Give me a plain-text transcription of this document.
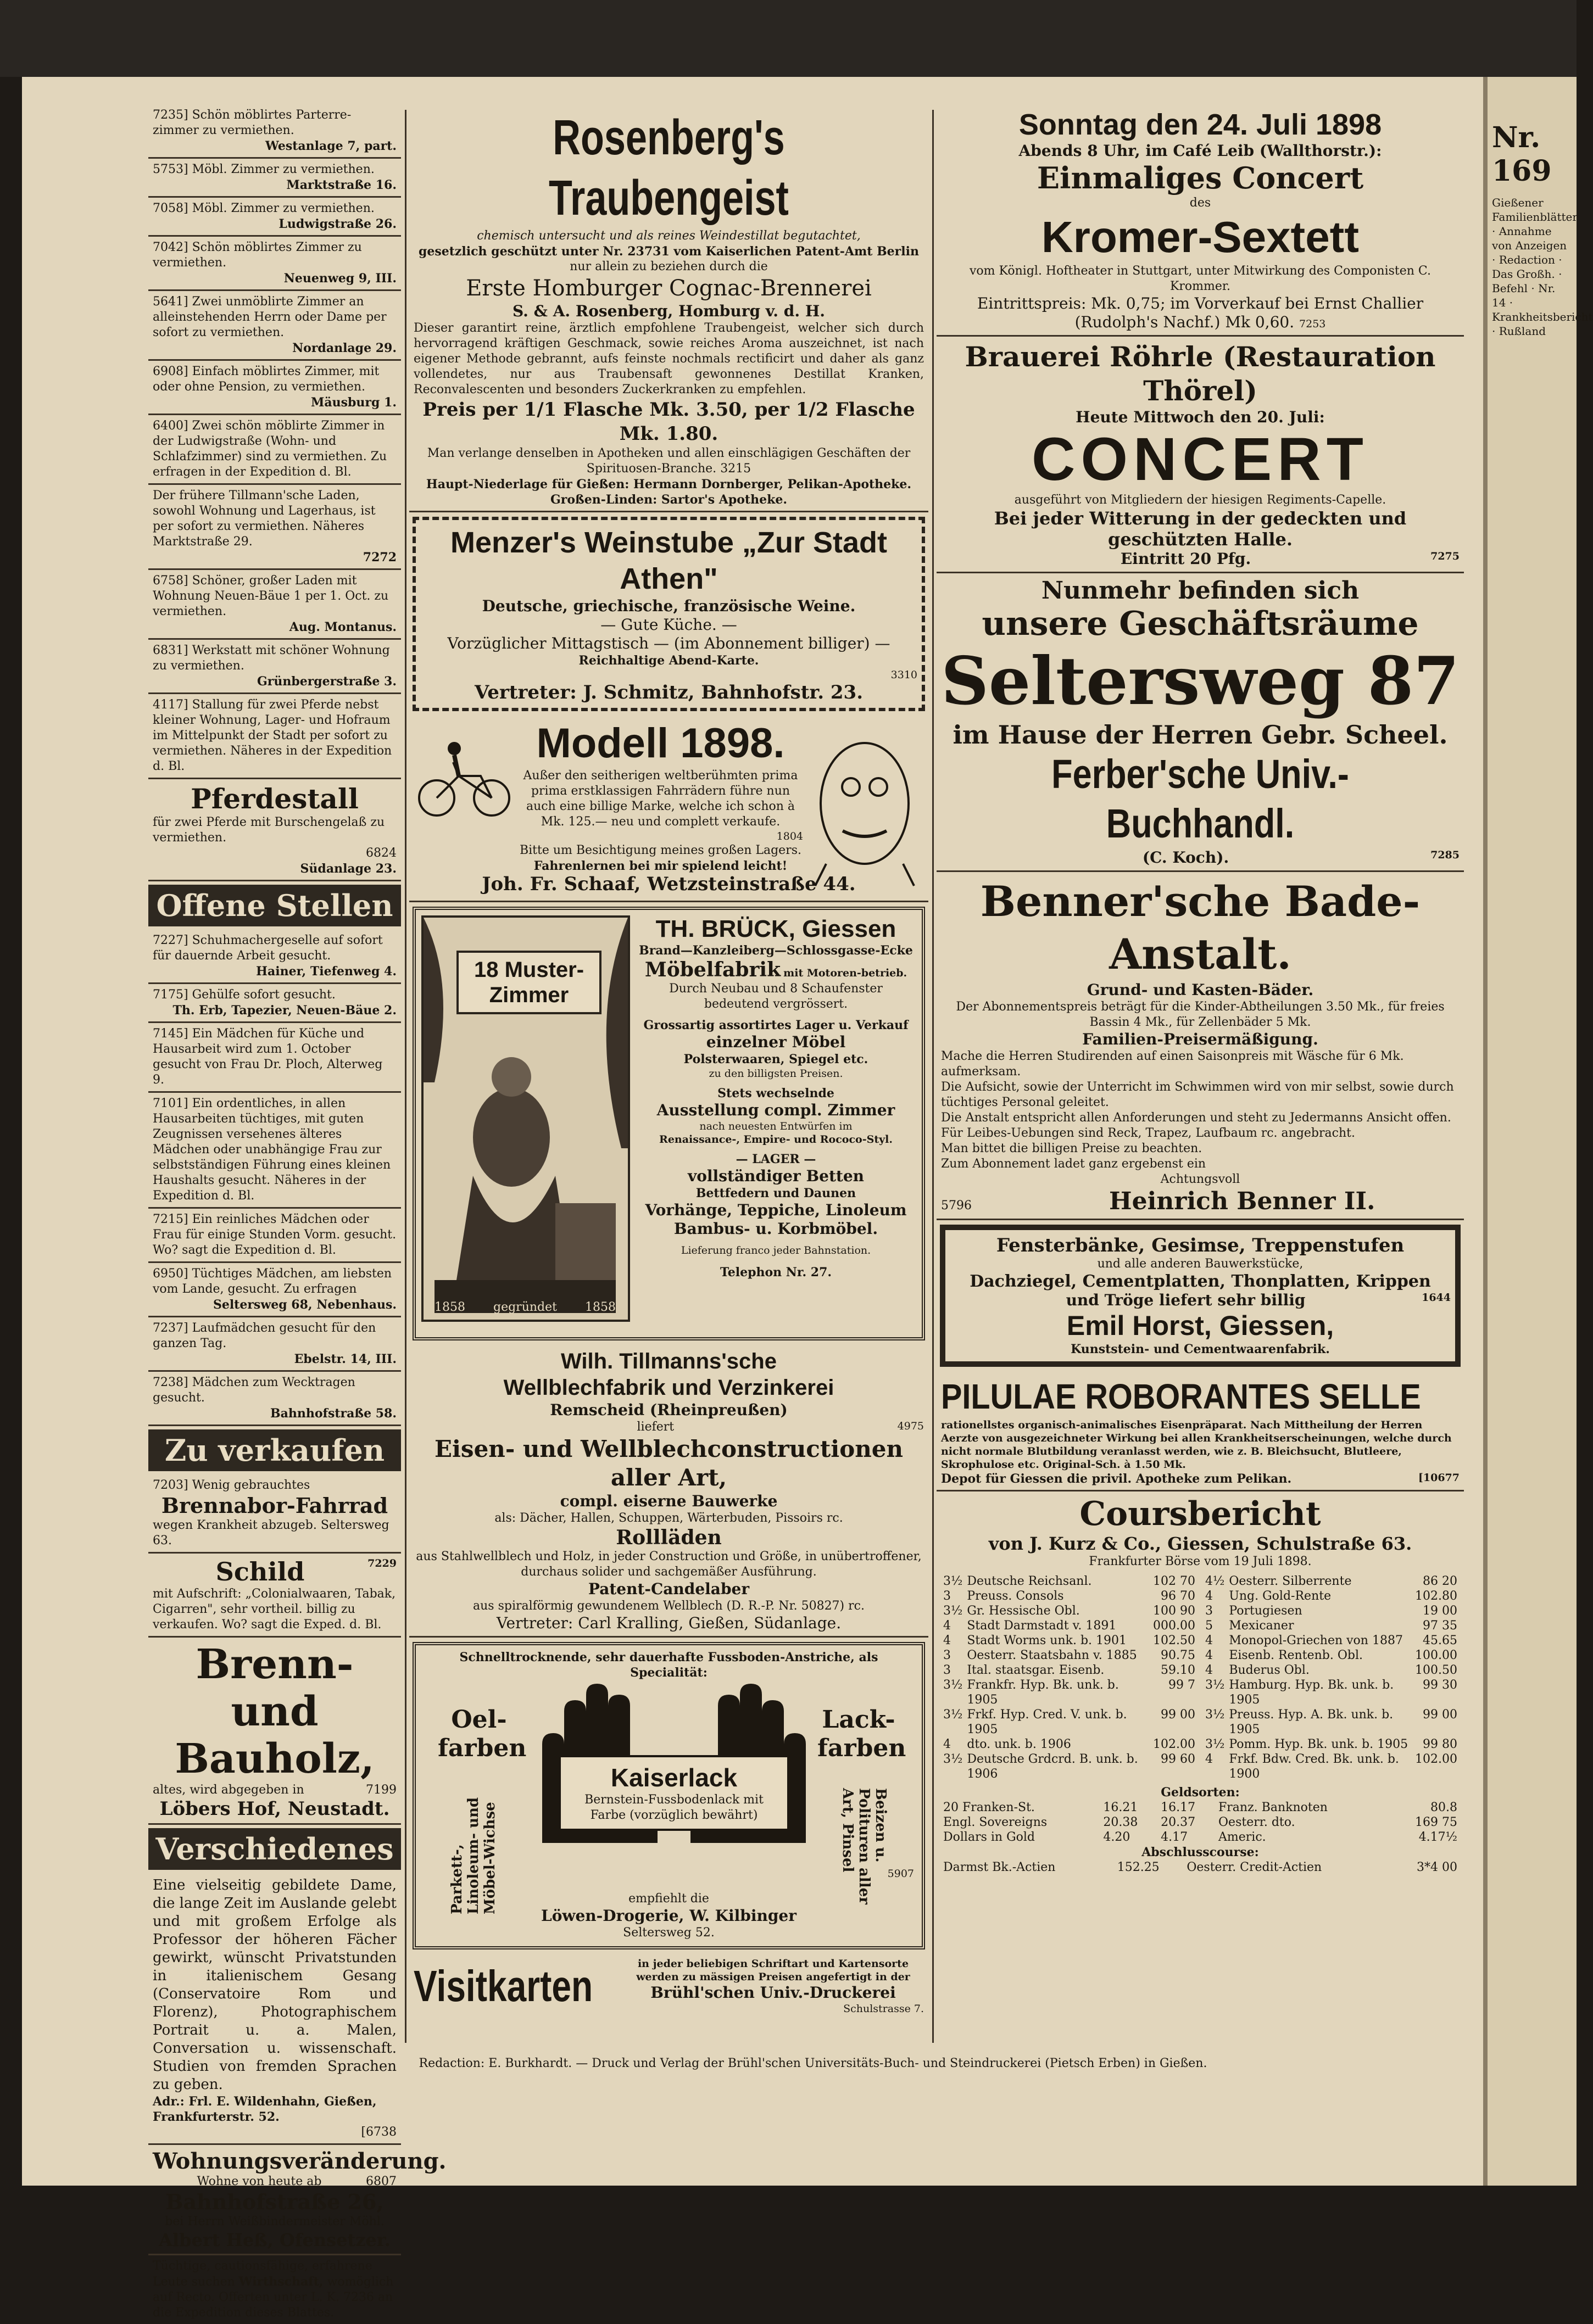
Nr. 169
Gießener Familienblätter · Annahme von Anzeigen · Redaction · Das Großh. · Befehl · Nr. 14 · Krankheitsbericht · Rußland
7235] Schön möblirtes Parterre- zimmer zu vermiethen.
Westanlage 7, part.
5753] Möbl. Zimmer zu vermiethen.
Marktstraße 16.
7058] Möbl. Zimmer zu vermiethen.
Ludwigstraße 26.
7042] Schön möblirtes Zimmer zu vermiethen.
Neuenweg 9, III.
5641] Zwei unmöblirte Zimmer an alleinstehenden Herrn oder Dame per sofort zu vermiethen.
Nordanlage 29.
6908] Einfach möblirtes Zimmer, mit oder ohne Pension, zu vermiethen.
Mäusburg 1.
6400] Zwei schön möblirte Zimmer in der Ludwigstraße (Wohn- und Schlafzimmer) sind zu vermiethen. Zu erfragen in der Expedition d. Bl.
Der frühere Tillmann'sche Laden, sowohl Wohnung und Lagerhaus, ist per sofort zu vermiethen. Näheres Marktstraße 29.
7272
6758] Schöner, großer Laden mit Wohnung Neuen-Bäue 1 per 1. Oct. zu vermiethen.
Aug. Montanus.
6831] Werkstatt mit schöner Wohnung zu vermiethen.
Grünbergerstraße 3.
4117] Stallung für zwei Pferde nebst kleiner Wohnung, Lager- und Hofraum im Mittelpunkt der Stadt per sofort zu vermiethen. Näheres in der Expedition d. Bl.
Pferdestall
für zwei Pferde mit Burschengelaß zu vermiethen.
6824
Südanlage 23.
Offene Stellen
7227] Schuhmachergeselle auf sofort für dauernde Arbeit gesucht.
Hainer, Tiefenweg 4.
7175] Gehülfe sofort gesucht.
Th. Erb, Tapezier, Neuen-Bäue 2.
7145] Ein Mädchen für Küche und Hausarbeit wird zum 1. October gesucht von Frau Dr. Ploch, Alterweg 9.
7101] Ein ordentliches, in allen Hausarbeiten tüchtiges, mit guten Zeugnissen versehenes älteres Mädchen oder unabhängige Frau zur selbstständigen Führung eines kleinen Haushalts gesucht. Näheres in der Expedition d. Bl.
7215] Ein reinliches Mädchen oder Frau für einige Stunden Vorm. gesucht. Wo? sagt die Expedition d. Bl.
6950] Tüchtiges Mädchen, am liebsten vom Lande, gesucht. Zu erfragen
Seltersweg 68, Nebenhaus.
7237] Laufmädchen gesucht für den ganzen Tag.
Ebelstr. 14, III.
7238] Mädchen zum Wecktragen gesucht.
Bahnhofstraße 58.
Zu verkaufen
7203] Wenig gebrauchtes
Brennabor-Fahrrad
wegen Krankheit abzugeb. Seltersweg 63.
Schild	7229
mit Aufschrift: „Colonialwaaren, Tabak, Cigarren", sehr vortheil. billig zu verkaufen. Wo? sagt die Exped. d. Bl.
Brenn- und
Bauholz,
altes, wird abgegeben in	7199
Löbers Hof, Neustadt.
Verschiedenes
Eine vielseitig gebildete Dame, die lange Zeit im Auslande gelebt und mit großem Erfolge als Professor der höheren Fächer gewirkt, wünscht Privatstunden in italienischem Gesang (Conservatoire Rom und Florenz), Photographischem Portrait u. a. Malen, Conversation u. wissenschaft. Studien von fremden Sprachen zu geben.
Adr.: Frl. E. Wildenhahn, Gießen, Frankfurterstr. 52.
[6738
Wohnungsveränderung.
Wohne von heute ab	6807
Bahnhofstraße 26,
bei Herrn Weißbindermeister Möhl.
Albert Heß, Ofensetzer.
Tüchtige, cautionsfähige, erfahrene Leute suchen Wirthschaft, womöglich auf Recto. Offerten unter L. K. 7236 an die Expedition dieses Blattes.
Rosenberg's Traubengeist
chemisch untersucht und als reines Weindestillat begutachtet,
gesetzlich geschützt unter Nr. 23731 vom Kaiserlichen Patent-Amt Berlin
nur allein zu beziehen durch die
Erste Homburger Cognac-Brennerei
S. & A. Rosenberg, Homburg v. d. H.
Dieser garantirt reine, ärztlich empfohlene Traubengeist, welcher sich durch hervorragend kräftigen Geschmack, sowie reiches Aroma auszeichnet, ist nach eigener Methode gebrannt, aufs feinste nochmals rectificirt und daher als ganz vollendetes, nur aus Traubensaft gewonnenes Destillat Kranken, Reconvalescenten und besonders Zuckerkranken zu empfehlen.
Preis per 1/1 Flasche Mk. 3.50, per 1/2 Flasche Mk. 1.80.
Man verlange denselben in Apotheken und allen einschlägigen Geschäften der Spirituosen-Branche. 3215
Haupt-Niederlage für Gießen: Hermann Dornberger, Pelikan-Apotheke.
Großen-Linden: Sartor's Apotheke.
Menzer's Weinstube „Zur Stadt Athen"
Deutsche, griechische, französische Weine.
— Gute Küche. —
Vorzüglicher Mittagstisch — (im Abonnement billiger) —
Reichhaltige Abend-Karte.
3310
Vertreter: J. Schmitz, Bahnhofstr. 23.
Modell 1898.
Außer den seitherigen weltberühmten prima prima erstklassigen Fahrrädern führe nun auch eine billige Marke, welche ich schon à Mk. 125.— neu und complett verkaufe.
1804
Bitte um Besichtigung meines großen Lagers.
Fahrenlernen bei mir spielend leicht!
Joh. Fr. Schaaf, Wetzsteinstraße 44.
18 Muster-Zimmer
1858 gegründet 1858
TH. BRÜCK, Giessen
Brand—Kanzleiberg—Schlossgasse-Ecke
Möbelfabrik mit Motoren-betrieb.
Durch Neubau und 8 Schaufenster bedeutend vergrössert.
Grossartig assortirtes Lager u. Verkauf
einzelner Möbel
Polsterwaaren, Spiegel etc.
zu den billigsten Preisen.
Stets wechselnde
Ausstellung compl. Zimmer
nach neuesten Entwürfen im
Renaissance-, Empire- und Rococo-Styl.
— LAGER —
vollständiger Betten
Bettfedern und Daunen
Vorhänge, Teppiche, Linoleum
Bambus- u. Korbmöbel.
Lieferung franco jeder Bahnstation.
Telephon Nr. 27.
Wilh. Tillmanns'sche
Wellblechfabrik und Verzinkerei
Remscheid (Rheinpreußen)
liefert	4975
Eisen- und Wellblechconstructionen aller Art,
compl. eiserne Bauwerke
als: Dächer, Hallen, Schuppen, Wärterbuden, Pissoirs rc.
Rollläden
aus Stahlwellblech und Holz, in jeder Construction und Größe, in unübertroffener, durchaus solider und sachgemäßer Ausführung.
Patent-Candelaber
aus spiralförmig gewundenem Wellblech (D. R.-P. Nr. 50827) rc.
Vertreter: Carl Kralling, Gießen, Südanlage.
Schnelltrocknende, sehr dauerhafte Fussboden-Anstriche, als Specialität:
Oel-farben
Lack-farben
Parkett-, Linoleum- und Möbel-Wichse	Beizen u. Polituren aller Art, Pinsel
Kaiserlack
Bernstein-Fussbodenlack mit Farbe (vorzüglich bewährt)
empfiehlt die
Löwen-Drogerie, W. Kilbinger
Seltersweg 52.
5907
Visitkarten	in jeder beliebigen Schriftart und Kartensorte werden zu mässigen Preisen angefertigt in der
Brühl'schen Univ.-Druckerei
Schulstrasse 7.
Sonntag den 24. Juli 1898
Abends 8 Uhr, im Café Leib (Wallthorstr.):
Einmaliges Concert
des
Kromer-Sextett
vom Königl. Hoftheater in Stuttgart, unter Mitwirkung des Componisten C. Krommer.
Eintrittspreis: Mk. 0,75; im Vorverkauf bei Ernst Challier (Rudolph's Nachf.) Mk 0,60. 7253
Brauerei Röhrle (Restauration Thörel)
Heute Mittwoch den 20. Juli:
CONCERT
ausgeführt von Mitgliedern der hiesigen Regiments-Capelle.
Bei jeder Witterung in der gedeckten und geschützten Halle.
Eintritt 20 Pfg.	7275
Nunmehr befinden sich
unsere Geschäftsräume
Seltersweg 87
im Hause der Herren Gebr. Scheel.
Ferber'sche Univ.-Buchhandl.
(C. Koch).	7285
Benner'sche Bade-Anstalt.
Grund- und Kasten-Bäder.
Der Abonnementspreis beträgt für die Kinder-Abtheilungen 3.50 Mk., für freies Bassin 4 Mk., für Zellenbäder 5 Mk.
Familien-Preisermäßigung.
Mache die Herren Studirenden auf einen Saisonpreis mit Wäsche für 6 Mk. aufmerksam.
Die Aufsicht, sowie der Unterricht im Schwimmen wird von mir selbst, sowie durch tüchtiges Personal geleitet.
Die Anstalt entspricht allen Anforderungen und steht zu Jedermanns Ansicht offen.
Für Leibes-Uebungen sind Reck, Trapez, Laufbaum rc. angebracht.
Man bittet die billigen Preise zu beachten.
Zum Abonnement ladet ganz ergebenst ein
Achtungsvoll
5796	Heinrich Benner II.
Fensterbänke, Gesimse, Treppenstufen
und alle anderen Bauwerkstücke,
Dachziegel, Cementplatten, Thonplatten, Krippen
und Tröge liefert sehr billig	1644
Emil Horst, Giessen,
Kunststein- und Cementwaarenfabrik.
PILULAE ROBORANTES SELLE
rationellstes organisch-animalisches Eisenpräparat. Nach Mittheilung der Herren Aerzte von ausgezeichneter Wirkung bei allen Krankheitserscheinungen, welche durch nicht normale Blutbildung veranlasst werden, wie z. B. Bleichsucht, Blutleere, Skrophulose etc. Original-Sch. à 1.50 Mk.
Depot für Giessen die privil. Apotheke zum Pelikan.	[10677
Coursbericht
von J. Kurz & Co., Giessen, Schulstraße 63.
Frankfurter Börse vom 19 Juli 1898.
3½	Deutsche Reichsanl.	102 70
3	Preuss. Consols	96 70
3½	Gr. Hessische Obl.	100 90
4	Stadt Darmstadt v. 1891	000.00
4	Stadt Worms unk. b. 1901	102.50
3	Oesterr. Staatsbahn v. 1885	90.75
3	Ital. staatsgar. Eisenb.	59.10
3½	Frankfr. Hyp. Bk. unk. b. 1905	99 7
3½	Frkf. Hyp. Cred. V. unk. b. 1905	99 00
4	dto. unk. b. 1906	102.00
3½	Deutsche Grdcrd. B. unk. b. 1906	99 60
4½	Oesterr. Silberrente	86 20
4	Ung. Gold-Rente	102.80
3	Portugiesen	19 00
5	Mexicaner	97 35
4	Monopol-Griechen von 1887	45.65
4	Eisenb. Rentenb. Obl.	100.00
4	Buderus Obl.	100.50
3½	Hamburg. Hyp. Bk. unk. b. 1905	99 30
3½	Preuss. Hyp. A. Bk. unk. b. 1905	99 00
3½	Pomm. Hyp. Bk. unk. b. 1905	99 80
4	Frkf. Bdw. Cred. Bk. unk. b. 1900	102.00
Geldsorten:
20 Franken-St.	16.21	16.17	Franz. Banknoten		80.8
Engl. Sovereigns	20.38	20.37	Oesterr. dto.		169 75
Dollars in Gold	4.20	4.17	Americ.		4.17½
Abschlusscourse:
Darmst Bk.-Actien	152.25	Oesterr. Credit-Actien	3*4 00
Redaction: E. Burkhardt. — Druck und Verlag der Brühl'schen Universitäts-Buch- und Steindruckerei (Pietsch Erben) in Gießen.
